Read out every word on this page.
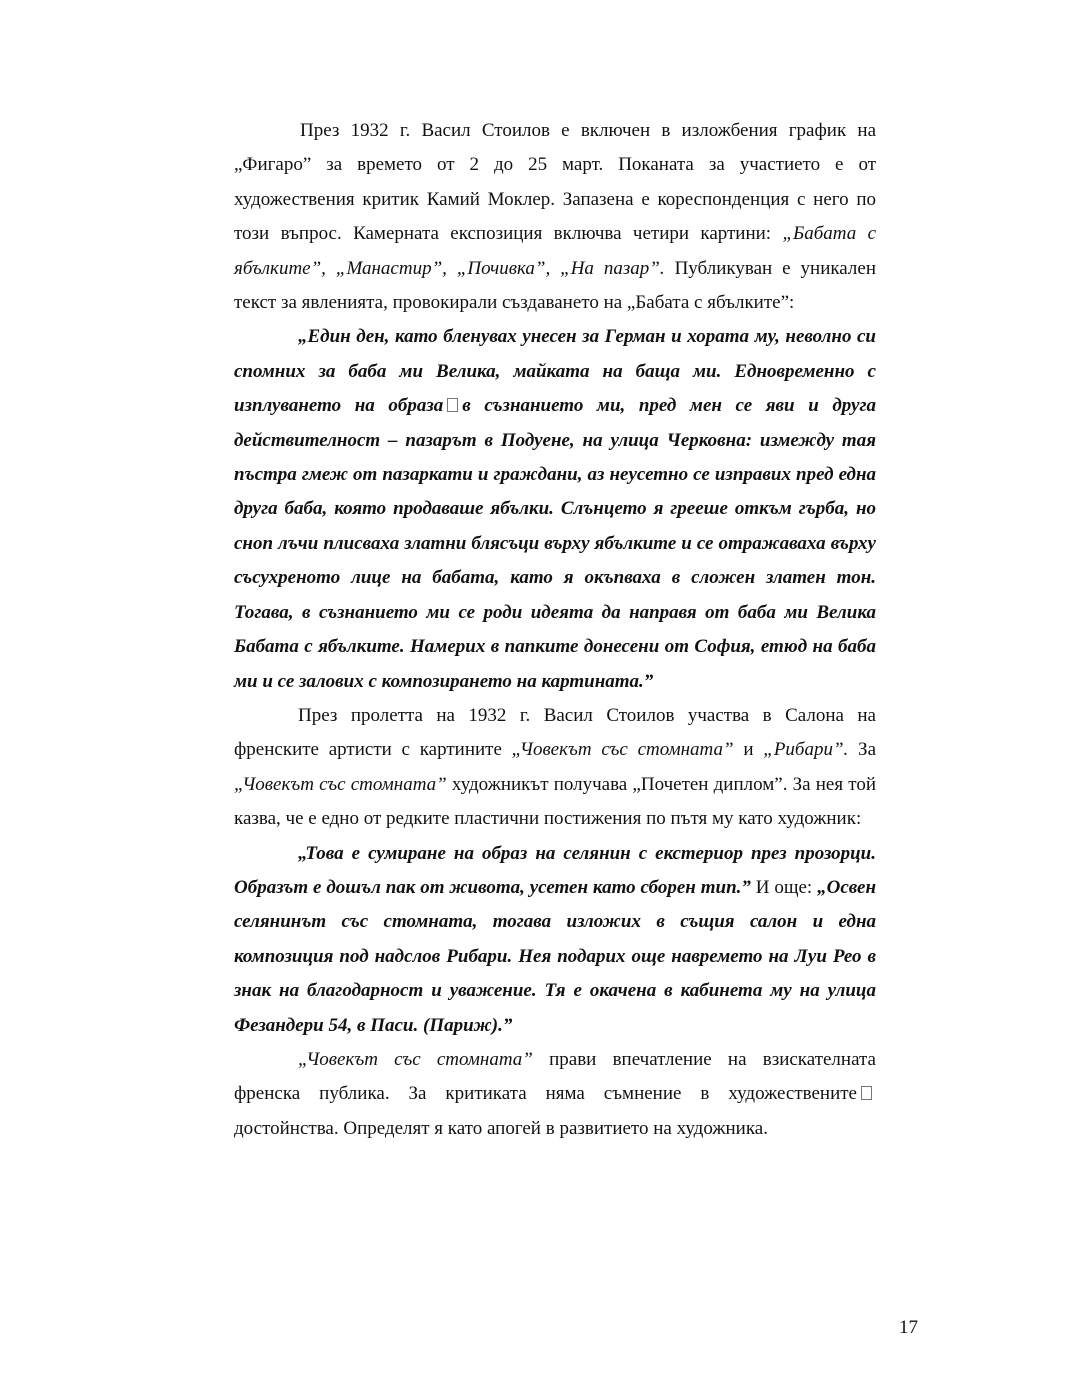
През 1932 г. Васил Стоилов е включен в изложбения график на „Фигаро” за времето от 2 до 25 март. Поканата за участието е от художествения критик Камий Моклер. Запазена е кореспонденция с него по този въпрос. Камерната експозиция включва четири картини: „Бабата с ябълките”, „Манастир”, „Почивка”, „На пазар”. Публикуван е уникален текст за явленията, провокирали създаването на „Бабата с ябълките”:

„Един ден, като бленувах унесен за Герман и хората му, неволно си спомних за баба ми Велика, майката на баща ми. Едновременно с изплуването на образа в съзнанието ми, пред мен се яви и друга действителност – пазарът в Подуене, на улица Черковна: измежду тая пъстра гмеж от пазаркати и граждани, аз неусетно се изправих пред една друга баба, която продаваше ябълки. Слънцето я грееше откъм гърба, но сноп лъчи плисваха златни блясъци върху ябълките и се отражаваха върху съсухреното лице на бабата, като я окъпваха в сложен златен тон. Тогава, в съзнанието ми се роди идеята да направя от баба ми Велика Бабата с ябълките. Намерих в папките донесени от София, етюд на баба ми и се залових с композирането на картината.”

През пролетта на 1932 г. Васил Стоилов участва в Салона на френските артисти с картините „Човекът със стомната” и „Рибари”. За „Човекът със стомната” художникът получава „Почетен диплом”. За нея той казва, че е едно от редките пластични постижения по пътя му като художник:

„Това е сумиране на образ на селянин с екстериор през прозорци. Образът е дошъл пак от живота, усетен като сборен тип.” И още: „Освен селянинът със стомната, тогава изложих в същия салон и една композиция под надслов Рибари. Нея подарих още навремето на Луи Рео в знак на благодарност и уважение. Тя е окачена в кабинета му на улица Фезандери 54, в Паси. (Париж).”

„Човекът със стомната” прави впечатление на взискателната френска публика. За критиката няма съмнение в художественитедостойнства. Определят я като апогей в развитието на художника.

17
